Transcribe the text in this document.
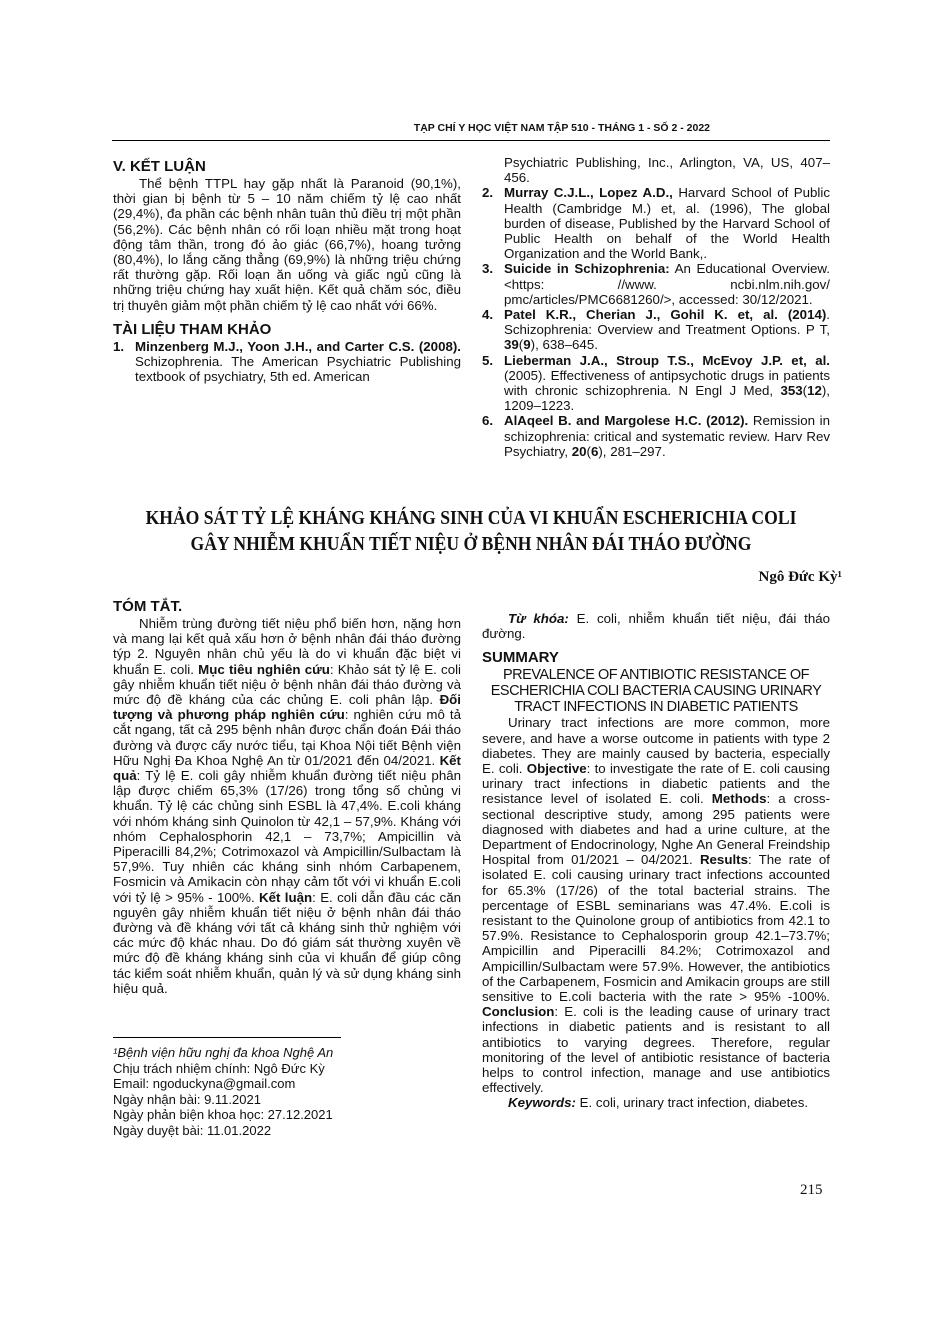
TẠP CHÍ Y HỌC VIỆT NAM TẬP 510 - THÁNG 1 - SỐ 2 - 2022
V. KẾT LUẬN

Thể bệnh TTPL hay gặp nhất là Paranoid (90,1%), thời gian bị bệnh từ 5 – 10 năm chiếm tỷ lệ cao nhất (29,4%), đa phần các bệnh nhân tuân thủ điều trị một phần (56,2%). Các bệnh nhân có rối loạn nhiều mặt trong hoạt động tâm thần, trong đó ảo giác (66,7%), hoang tưởng (80,4%), lo lắng căng thẳng (69,9%) là những triệu chứng rất thường gặp. Rối loạn ăn uống và giấc ngủ cũng là những triệu chứng hay xuất hiện. Kết quả chăm sóc, điều trị thuyên giảm một phần chiếm tỷ lệ cao nhất với 66%.

TÀI LIỆU THAM KHẢO

1. Minzenberg M.J., Yoon J.H., and Carter C.S. (2008). Schizophrenia. The American Psychiatric Publishing textbook of psychiatry, 5th ed. American

Psychiatric Publishing, Inc., Arlington, VA, US, 407–456.

2. Murray C.J.L., Lopez A.D., Harvard School of Public Health (Cambridge M.) et, al. (1996), The global burden of disease, Published by the Harvard School of Public Health on behalf of the World Health Organization and the World Bank,.

3. Suicide in Schizophrenia: An Educational Overview. <https: //www. ncbi.nlm.nih.gov/ pmc/articles/PMC6681260/>, accessed: 30/12/2021.

4. Patel K.R., Cherian J., Gohil K. et, al. (2014). Schizophrenia: Overview and Treatment Options. P T, 39(9), 638–645.

5. Lieberman J.A., Stroup T.S., McEvoy J.P. et, al. (2005). Effectiveness of antipsychotic drugs in patients with chronic schizophrenia. N Engl J Med, 353(12), 1209–1223.

6. AlAqeel B. and Margolese H.C. (2012). Remission in schizophrenia: critical and systematic review. Harv Rev Psychiatry, 20(6), 281–297.

KHẢO SÁT TỶ LỆ KHÁNG KHÁNG SINH CỦA VI KHUẨN ESCHERICHIA COLI GÂY NHIỄM KHUẨN TIẾT NIỆU Ở BỆNH NHÂN ĐÁI THÁO ĐƯỜNG
Ngô Đức Kỳ¹
TÓM TẮT.

Nhiễm trùng đường tiết niệu phổ biến hơn, nặng hơn và mang lại kết quả xấu hơn ở bệnh nhân đái tháo đường týp 2. Nguyên nhân chủ yếu là do vi khuẩn đặc biệt vi khuẩn E. coli. Mục tiêu nghiên cứu: Khảo sát tỷ lệ E. coli gây nhiễm khuẩn tiết niệu ở bệnh nhân đái tháo đường và mức độ đề kháng của các chủng E. coli phân lập. Đối tượng và phương pháp nghiên cứu: nghiên cứu mô tả cắt ngang, tất cả 295 bệnh nhân được chẩn đoán Đái tháo đường và được cấy nước tiểu, tại Khoa Nội tiết Bệnh viện Hữu Nghị Đa Khoa Nghệ An từ 01/2021 đến 04/2021. Kết quả: Tỷ lệ E. coli gây nhiễm khuẩn đường tiết niệu phân lập được chiếm 65,3% (17/26) trong tổng số chủng vi khuẩn. Tỷ lệ các chủng sinh ESBL là 47,4%. E.coli kháng với nhóm kháng sinh Quinolon từ 42,1 – 57,9%. Kháng với nhóm Cephalosphorin 42,1 – 73,7%; Ampicillin và Piperacilli 84,2%; Cotrimoxazol và Ampicillin/Sulbactam là 57,9%. Tuy nhiên các kháng sinh nhóm Carbapenem, Fosmicin và Amikacin còn nhạy cảm tốt với vi khuẩn E.coli với tỷ lệ > 95% - 100%. Kết luận: E. coli dẫn đầu các căn nguyên gây nhiễm khuẩn tiết niệu ở bệnh nhân đái tháo đường và đề kháng với tất cả kháng sinh thử nghiệm với các mức độ khác nhau. Do đó giám sát thường xuyên về mức độ đề kháng kháng sinh của vi khuẩn để giúp công tác kiểm soát nhiễm khuẩn, quản lý và sử dụng kháng sinh hiệu quả.

Từ khóa: E. coli, nhiễm khuẩn tiết niệu, đái tháo đường.

SUMMARY
PREVALENCE OF ANTIBIOTIC RESISTANCE OF ESCHERICHIA COLI BACTERIA CAUSING URINARY TRACT INFECTIONS IN DIABETIC PATIENTS

Urinary tract infections are more common, more severe, and have a worse outcome in patients with type 2 diabetes. They are mainly caused by bacteria, especially E. coli. Objective: to investigate the rate of E. coli causing urinary tract infections in diabetic patients and the resistance level of isolated E. coli. Methods: a cross-sectional descriptive study, among 295 patients were diagnosed with diabetes and had a urine culture, at the Department of Endocrinology, Nghe An General Freindship Hospital from 01/2021 – 04/2021. Results: The rate of isolated E. coli causing urinary tract infections accounted for 65.3% (17/26) of the total bacterial strains. The percentage of ESBL seminarians was 47.4%. E.coli is resistant to the Quinolone group of antibiotics from 42.1 to 57.9%. Resistance to Cephalosporin group 42.1–73.7%; Ampicillin and Piperacilli 84.2%; Cotrimoxazol and Ampicillin/Sulbactam were 57.9%. However, the antibiotics of the Carbapenem, Fosmicin and Amikacin groups are still sensitive to E.coli bacteria with the rate > 95% -100%. Conclusion: E. coli is the leading cause of urinary tract infections in diabetic patients and is resistant to all antibiotics to varying degrees. Therefore, regular monitoring of the level of antibiotic resistance of bacteria helps to control infection, manage and use antibiotics effectively.

Keywords: E. coli, urinary tract infection, diabetes.

¹Bệnh viện hữu nghị đa khoa Nghệ An
Chịu trách nhiệm chính: Ngô Đức Kỳ
Email: ngoduckyna@gmail.com
Ngày nhận bài: 9.11.2021
Ngày phản biện khoa học: 27.12.2021
Ngày duyệt bài: 11.01.2022
215
